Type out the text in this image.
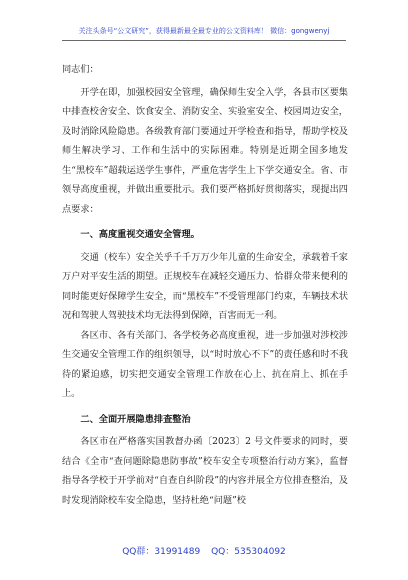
关注头条号“公文研究”，获得最新最全最专业的公文资料库！ 微信：gongwenyj

同志们：

开学在即，加强校园安全管理，确保师生安全入学，各县市区要集中排查校舍安全、饮食安全、消防安全、实验室安全、校园周边安全，及时消除风险隐患。各级教育部门要通过开学检查和指导，帮助学校及师生解决学习、工作和生活中的实际困难。特别是近期全国多地发生“黑校车”超载运送学生事件，严重危害学生上下学交通安全。省、市领导高度重视，并做出重要批示。我们要严格抓好贯彻落实，现提出四点要求：

一、高度重视交通安全管理。

交通（校车）安全关乎千千万万少年儿童的生命安全，承载着千家万户对平安生活的期望。正规校车在减轻交通压力、恰群众带来便利的同时能更好保障学生安全，而“黑校车”不受管理部门约束，车辆技术状况和驾驶人驾驶技术均无法得到保障，百害而无一利。

各区市、各有关部门、各学校务必高度重视，进一步加强对涉校涉生交通安全管理工作的组织领导，以“时时放心不下”的责任感和时不我待的紧迫感，切实把交通安全管理工作放在心上、抗在肩上、抓在手上。

二、全面开展隐患排查整治

各区市在严格落实国教督办函〔2023〕2 号文件要求的同时，要结合《全市“查问题除隐患防事故”校车安全专项整治行动方案》，监督指导各学校于开学前对“自查自纠阶段”的内容并展全方位排查整治，及时发现消除校车安全隐患，坚持杜绝“问题”校

QQ群：31991489 QQ：535304092
